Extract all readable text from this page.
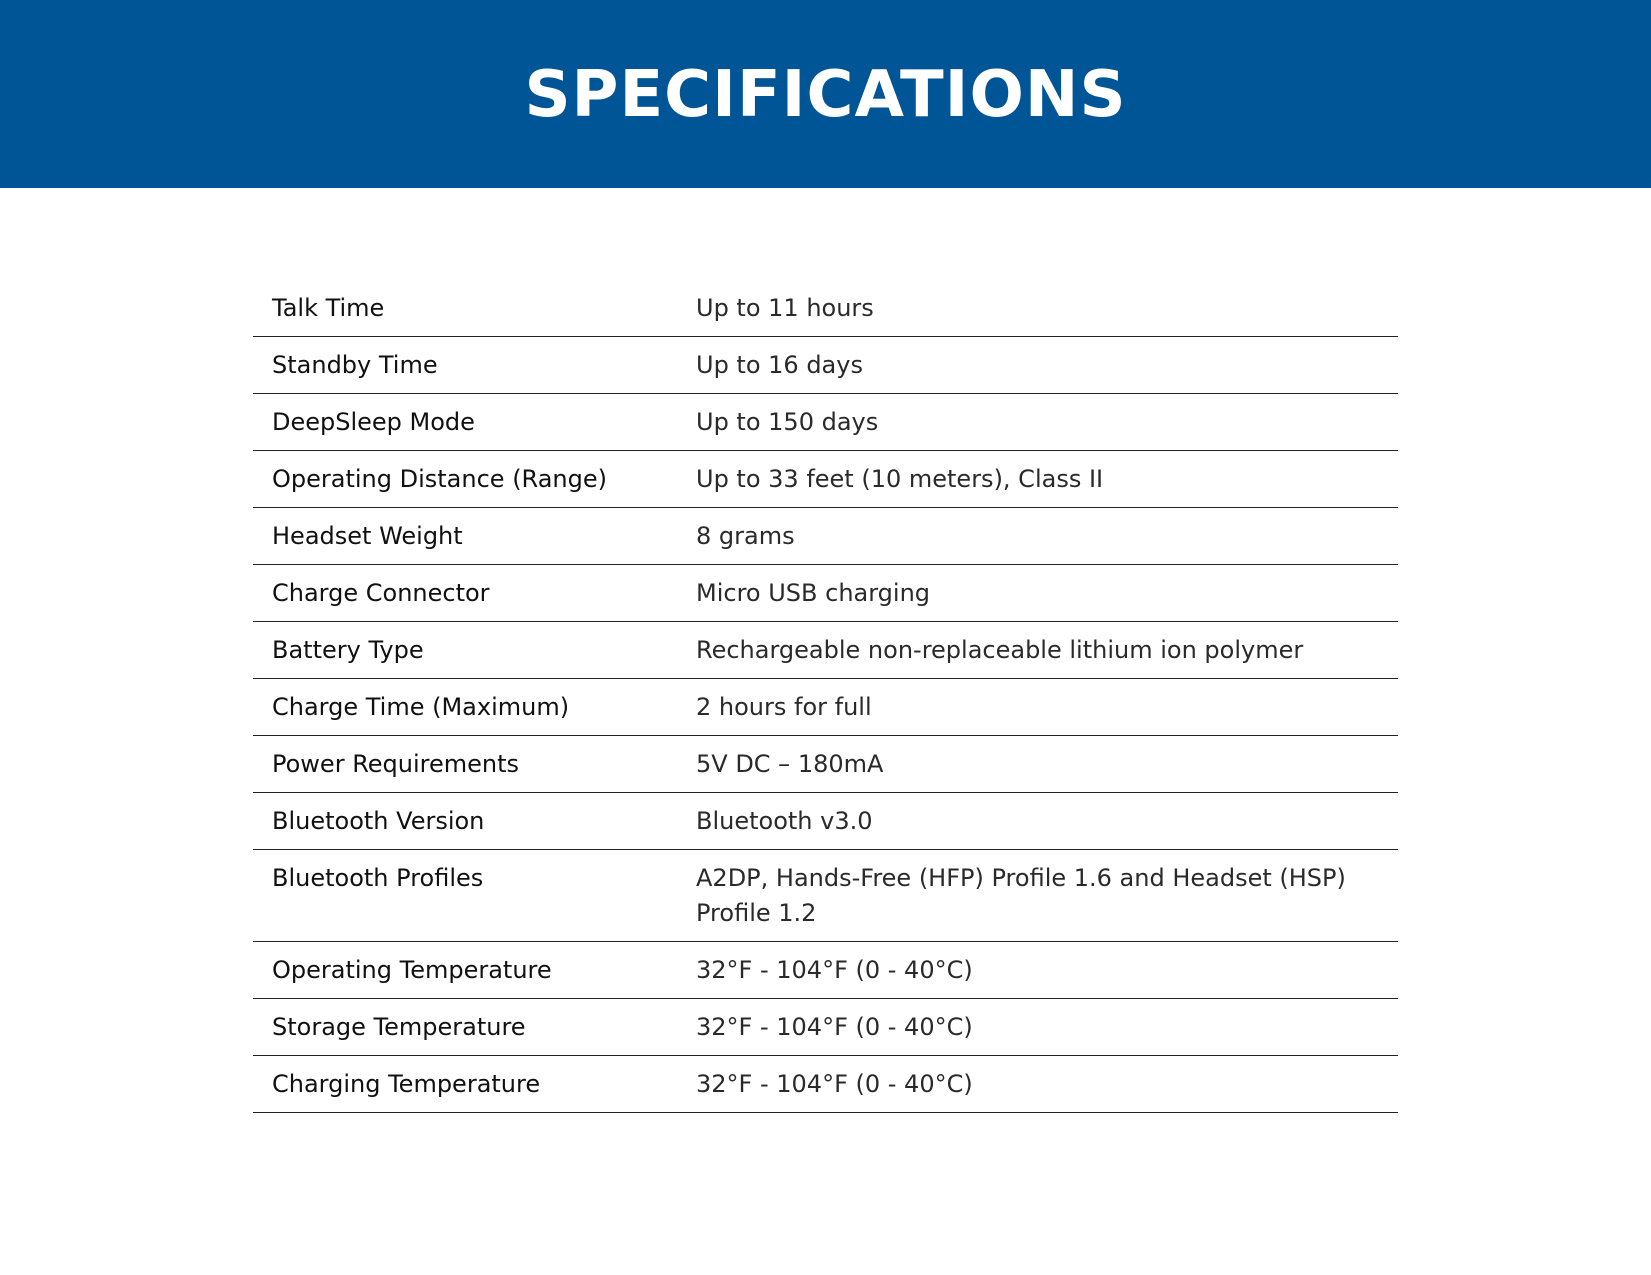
SPECIFICATIONS
Talk Time	Up to 11 hours
Standby Time	Up to 16 days
DeepSleep Mode	Up to 150 days
Operating Distance (Range)	Up to 33 feet (10 meters), Class II
Headset Weight	8 grams
Charge Connector	Micro USB charging
Battery Type	Rechargeable non-replaceable lithium ion polymer
Charge Time (Maximum)	2 hours for full
Power Requirements	5V DC – 180mA
Bluetooth Version	Bluetooth v3.0
Bluetooth Profiles	A2DP, Hands-Free (HFP) Profile 1.6 and Headset (HSP) Profile 1.2
Operating Temperature	32°F - 104°F (0 - 40°C)
Storage Temperature	32°F - 104°F (0 - 40°C)
Charging Temperature	32°F - 104°F (0 - 40°C)
